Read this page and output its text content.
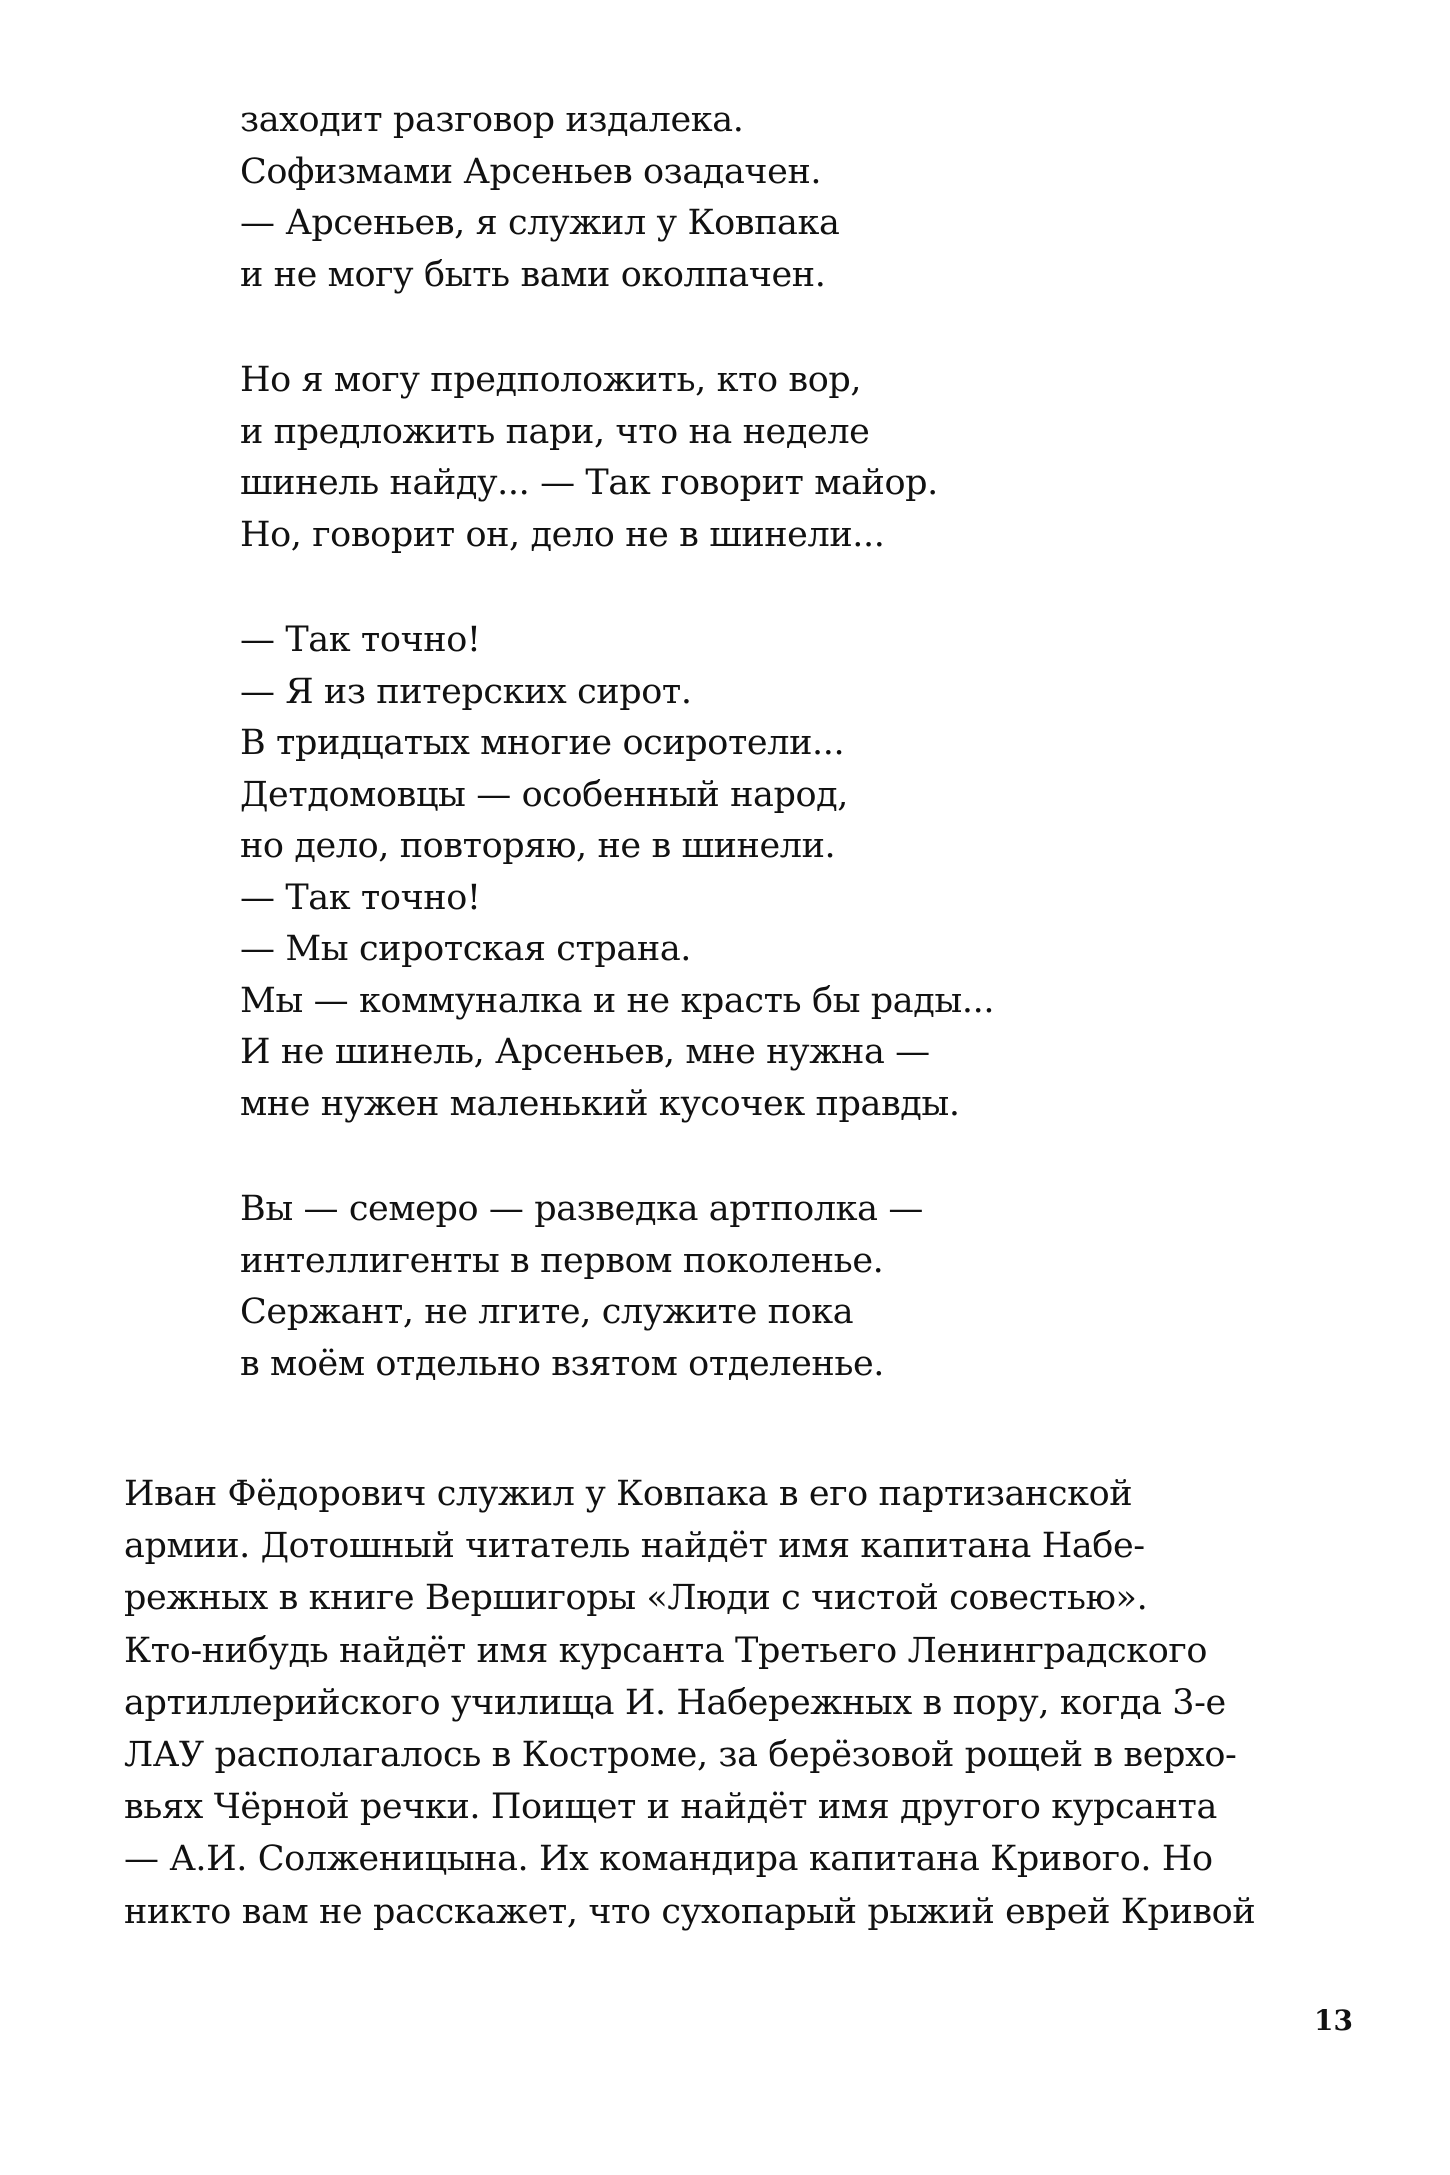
заходит разговор издалека.
Софизмами Арсеньев озадачен.
— Арсеньев, я служил у Ковпака
и не могу быть вами околпачен.
Но я могу предположить, кто вор,
и предложить пари, что на неделе
шинель найду... — Так говорит майор.
Но, говорит он, дело не в шинели...
— Так точно!
— Я из питерских сирот.
В тридцатых многие осиротели...
Детдомовцы — особенный народ,
но дело, повторяю, не в шинели.
— Так точно!
— Мы сиротская страна.
Мы — коммуналка и не красть бы рады...
И не шинель, Арсеньев, мне нужна —
мне нужен маленький кусочек правды.
Вы — семеро — разведка артполка —
интеллигенты в первом поколенье.
Сержант, не лгите, служите пока
в моём отдельно взятом отделенье.
Иван Фёдорович служил у Ковпака в его партизанской
армии. Дотошный читатель найдёт имя капитана Набе-
режных в книге Вершигоры «Люди с чистой совестью».
Кто-нибудь найдёт имя курсанта Третьего Ленинградского
артиллерийского училища И. Набережных в пору, когда 3-е
ЛАУ располагалось в Костроме, за берёзовой рощей в верхо-
вьях Чёрной речки. Поищет и найдёт имя другого курсанта
— А.И. Солженицына. Их командира капитана Кривого. Но
никто вам не расскажет, что сухопарый рыжий еврей Кривой
13
